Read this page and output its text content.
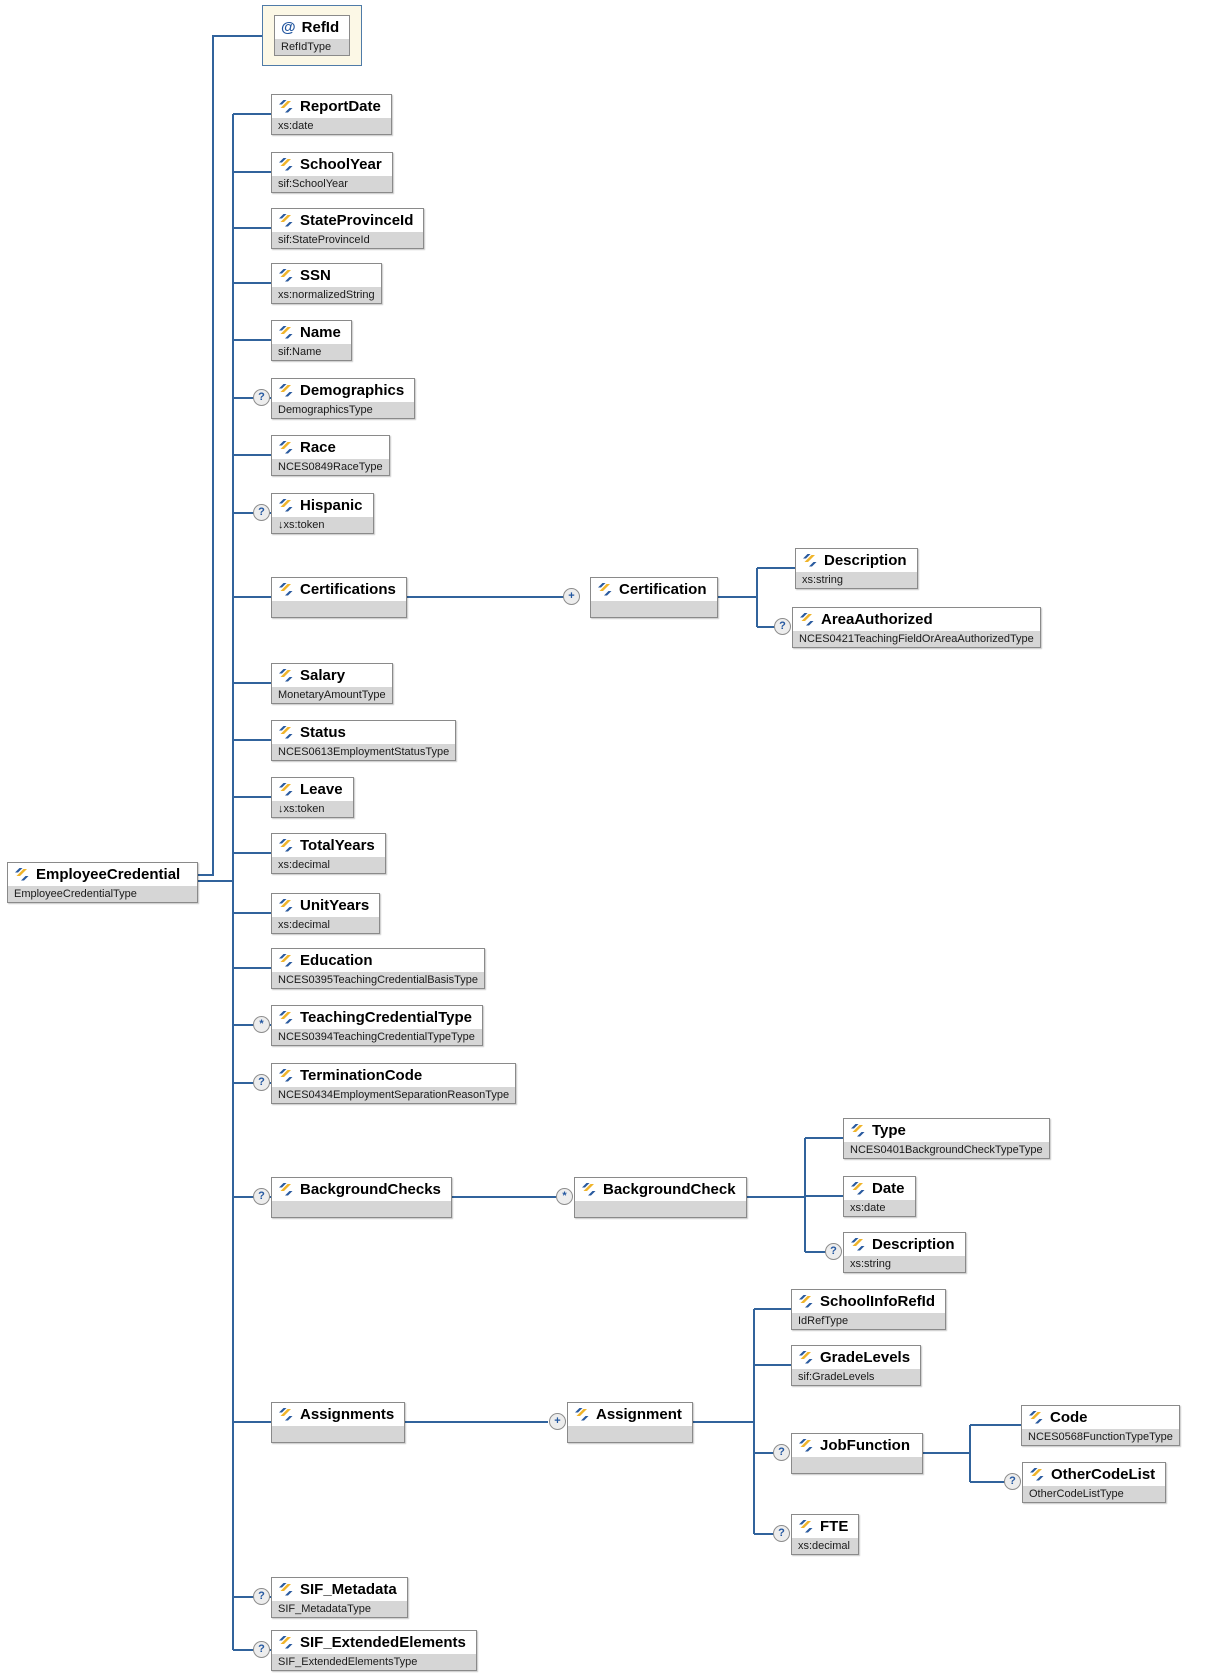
EmployeeCredential
EmployeeCredentialType
@ RefId
RefIdType
ReportDate
xs:date
SchoolYear
sif:SchoolYear
StateProvinceId
sif:StateProvinceId
SSN
xs:normalizedString
Name
sif:Name
?	Demographics
DemographicsType
Race
NCES0849RaceType
?	Hispanic
↓xs:token
Certifications	+	Certification
Description
xs:string
?	AreaAuthorized
NCES0421TeachingFieldOrAreaAuthorizedType
Salary
MonetaryAmountType
Status
NCES0613EmploymentStatusType
Leave
↓xs:token
TotalYears
xs:decimal
UnitYears
xs:decimal
Education
NCES0395TeachingCredentialBasisType
*	TeachingCredentialType
NCES0394TeachingCredentialTypeType
?	TerminationCode
NCES0434EmploymentSeparationReasonType
?	BackgroundChecks	*	BackgroundCheck
Type
NCES0401BackgroundCheckTypeType
Date
xs:date
?	Description
xs:string
Assignments	+	Assignment
SchoolInfoRefId
IdRefType
GradeLevels
sif:GradeLevels
?	JobFunction
Code
NCES0568FunctionTypeType
?	OtherCodeList
OtherCodeListType
?	FTE
xs:decimal
?	SIF_Metadata
SIF_MetadataType
?	SIF_ExtendedElements
SIF_ExtendedElementsType
